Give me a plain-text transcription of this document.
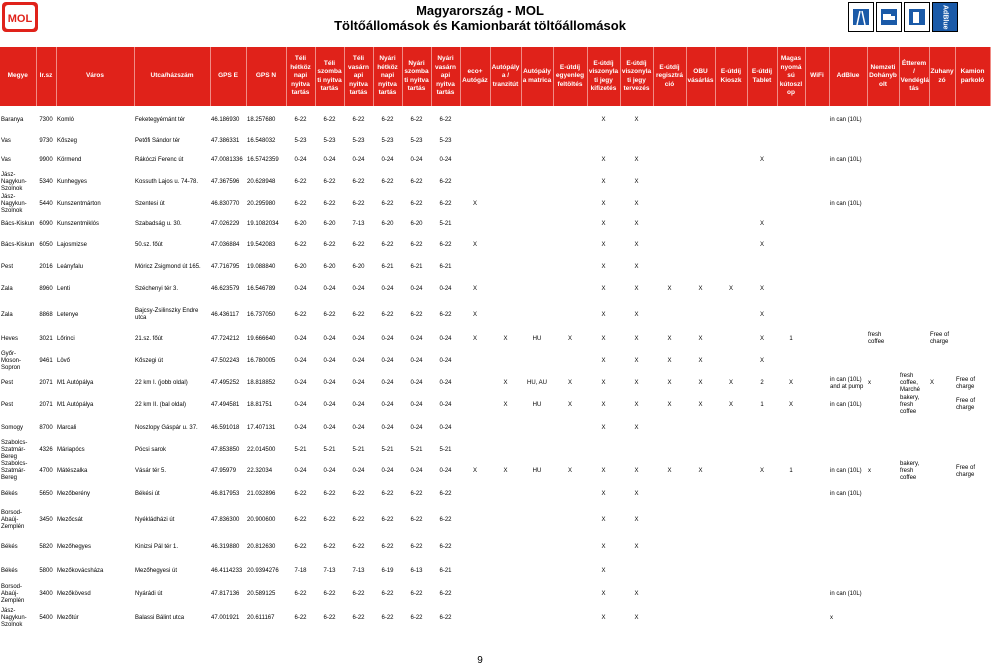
MOL
Magyarország - MOL
Töltőállomások és Kamionbarát töltőállomások	AdBlue
Megye	Ir.sz	Város	Utca/házszám	GPS E	GPS N	Téli hétköz napi nyitva tartás	Téli szomba ti nyitva tartás	Téli vasárn api nyitva tartás	Nyári hétköz napi nyitva tartás	Nyári szomba ti nyitva tartás	Nyári vasárn api nyitva tartás	eco+ Autógáz	Autópály a / tranzitút	Autópály a matrica	E-útdíj egyenleg feltöltés	E-útdíj viszonyla ti jegy kifizetés	E-útdíj viszonyla ti jegy tervezés	E-útdíj regisztrá ció	OBU vásárlás	E-útdíj Kioszk	E-útdíj Tablet	Magas nyomá sú kútoszl op	WiFi	AdBlue	Nemzeti Dohányb olt	Étterem / Vendéglá tás	Zuhany zó	Kamion parkoló
Baranya	7300	Komló	Feketegyémánt tér	46.186930	18.257680	6-22	6-22	6-22	6-22	6-22	6-22					X	X							in can (10L)				
Vas	9730	Kőszeg	Petőfi Sándor tér	47.386331	16.548032	5-23	5-23	5-23	5-23	5-23	5-23																	
Vas	9900	Körmend	Rákóczi Ferenc út	47.0081336	16.5742359	0-24	0-24	0-24	0-24	0-24	0-24					X	X				X			in can (10L)				
Jász-Nagykun-Szolnok	5340	Kunhegyes	Kossuth Lajos u. 74-78.	47.367596	20.628948	6-22	6-22	6-22	6-22	6-22	6-22					X	X											
Jász-Nagykun-Szolnok	5440	Kunszentmárton	Szentesi út	46.830770	20.295980	6-22	6-22	6-22	6-22	6-22	6-22	X				X	X							in can (10L)				
Bács-Kiskun	6090	Kunszentmiklós	Szabadság u. 30.	47.026229	19.1082034	6-20	6-20	7-13	6-20	6-20	5-21					X	X				X							
Bács-Kiskun	6050	Lajosmizse	50.sz. főút	47.036884	19.542083	6-22	6-22	6-22	6-22	6-22	6-22	X				X	X				X							
Pest	2016	Leányfalu	Móricz Zsigmond út 165.	47.716795	19.088840	6-20	6-20	6-20	6-21	6-21	6-21					X	X											
Zala	8960	Lenti	Széchenyi tér 3.	46.623579	16.546789	0-24	0-24	0-24	0-24	0-24	0-24	X				X	X	X	X	X	X							
Zala	8868	Letenye	Bajcsy-Zsilinszky Endre utca	46.436117	16.737050	6-22	6-22	6-22	6-22	6-22	6-22	X				X	X				X							
Heves	3021	Lőrinci	21.sz. főút	47.724212	19.666640	0-24	0-24	0-24	0-24	0-24	0-24	X	X	HU	X	X	X	X	X		X	1			fresh coffee		Free of charge	
Győr-Moson-Sopron	9461	Lövő	Kőszegi út	47.502243	16.780005	0-24	0-24	0-24	0-24	0-24	0-24					X	X	X	X		X							
Pest	2071	M1 Autópálya	22 km I. (jobb oldal)	47.495252	18.818852	0-24	0-24	0-24	0-24	0-24	0-24		X	HU, AU	X	X	X	X	X	X	2	X		in can (10L) and at pump	x	fresh coffee, Marché	X	Free of charge
Pest	2071	M1 Autópálya	22 km II. (bal oldal)	47.494581	18.81751	0-24	0-24	0-24	0-24	0-24	0-24		X	HU	X	X	X	X	X	X	1	X		in can (10L)		bakery, fresh coffee		Free of charge
Somogy	8700	Marcali	Noszlopy Gáspár u. 37.	46.591018	17.407131	0-24	0-24	0-24	0-24	0-24	0-24					X	X											
Szabolcs-Szatmár-Bereg	4326	Máriapócs	Pócsi sarok	47.853850	22.014500	5-21	5-21	5-21	5-21	5-21	5-21																	
Szabolcs-Szatmár-Bereg	4700	Mátészalka	Vásár tér 5.	47.95979	22.32034	0-24	0-24	0-24	0-24	0-24	0-24	X	X	HU	X	X	X	X	X		X	1		in can (10L)	x	bakery, fresh coffee		Free of charge
Békés	5650	Mezőberény	Békési út	46.817953	21.032896	6-22	6-22	6-22	6-22	6-22	6-22					X	X							in can (10L)				
Borsod-Abaúj-Zemplén	3450	Mezőcsát	Nyékládházi út	47.836300	20.900600	6-22	6-22	6-22	6-22	6-22	6-22					X	X											
Békés	5820	Mezőhegyes	Kinizsi Pál tér 1.	46.319880	20.812630	6-22	6-22	6-22	6-22	6-22	6-22					X	X											
Békés	5800	Mezőkovácsháza	Mezőhegyesi út	46.4114233	20.9394276	7-18	7-13	7-13	6-19	6-13	6-21					X												
Borsod-Abaúj-Zemplén	3400	Mezőkövesd	Nyárádi út	47.817136	20.589125	6-22	6-22	6-22	6-22	6-22	6-22					X	X							in can (10L)				
Jász-Nagykun-Szolnok	5400	Mezőtúr	Balassi Bálint utca	47.001921	20.611167	6-22	6-22	6-22	6-22	6-22	6-22					X	X							x				
9
